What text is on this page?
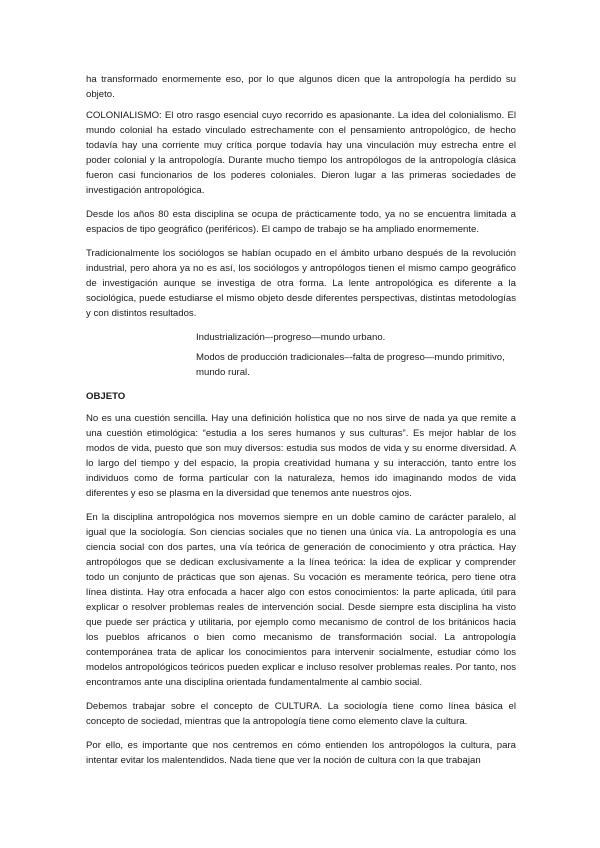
ha transformado enormemente eso, por lo que algunos dicen que la antropología ha perdido su objeto.

COLONIALISMO: El otro rasgo esencial cuyo recorrido es apasionante. La idea del colonialismo. El mundo colonial ha estado vinculado estrechamente con el pensamiento antropológico, de hecho todavía hay una corriente muy crítica porque todavía hay una vinculación muy estrecha entre el poder colonial y la antropología. Durante mucho tiempo los antropólogos de la antropología clásica fueron casi funcionarios de los poderes coloniales. Dieron lugar a las primeras sociedades de investigación antropológica.

Desde los años 80 esta disciplina se ocupa de prácticamente todo, ya no se encuentra limitada a espacios de tipo geográfico (periféricos). El campo de trabajo se ha ampliado enormemente.

Tradicionalmente los sociólogos se habían ocupado en el ámbito urbano después de la revolución industrial, pero ahora ya no es así, los sociólogos y antropólogos tienen el mismo campo geográfico de investigación aunque se investiga de otra forma. La lente antropológica es diferente a la sociológica, puede estudiarse el mismo objeto desde diferentes perspectivas, distintas metodologías y con distintos resultados.

Industrialización–-progreso—mundo urbano.

Modos de producción tradicionales–-falta de progreso—mundo primitivo, mundo rural.

OBJETO

No es una cuestión sencilla. Hay una definición holística que no nos sirve de nada ya que remite a una cuestión etimológica: “estudia a los seres humanos y sus culturas”. Es mejor hablar de los modos de vida, puesto que son muy diversos: estudia sus modos de vida y su enorme diversidad. A lo largo del tiempo y del espacio, la propia creatividad humana y su interacción, tanto entre los individuos como de forma particular con la naturaleza, hemos ido imaginando modos de vida diferentes y eso se plasma en la diversidad que tenemos ante nuestros ojos.

En la disciplina antropológica nos movemos siempre en un doble camino de carácter paralelo, al igual que la sociología. Son ciencias sociales que no tienen una única vía. La antropología es una ciencia social con dos partes, una vía teórica de generación de conocimiento y otra práctica. Hay antropólogos que se dedican exclusivamente a la línea teórica: la idea de explicar y comprender todo un conjunto de prácticas que son ajenas. Su vocación es meramente teórica, pero tiene otra línea distinta. Hay otra enfocada a hacer algo con estos conocimientos: la parte aplicada, útil para explicar o resolver problemas reales de intervención social. Desde siempre esta disciplina ha visto que puede ser práctica y utilitaria, por ejemplo como mecanismo de control de los británicos hacia los pueblos africanos o bien como mecanismo de transformación social. La antropología contemporánea trata de aplicar los conocimientos para intervenir socialmente, estudiar cómo los modelos antropológicos teóricos pueden explicar e incluso resolver problemas reales. Por tanto, nos encontramos ante una disciplina orientada fundamentalmente al cambio social.

Debemos trabajar sobre el concepto de CULTURA. La sociología tiene como línea básica el concepto de sociedad, mientras que la antropología tiene como elemento clave la cultura.

Por ello, es importante que nos centremos en cómo entienden los antropólogos la cultura, para intentar evitar los malentendidos. Nada tiene que ver la noción de cultura con la que trabajan
